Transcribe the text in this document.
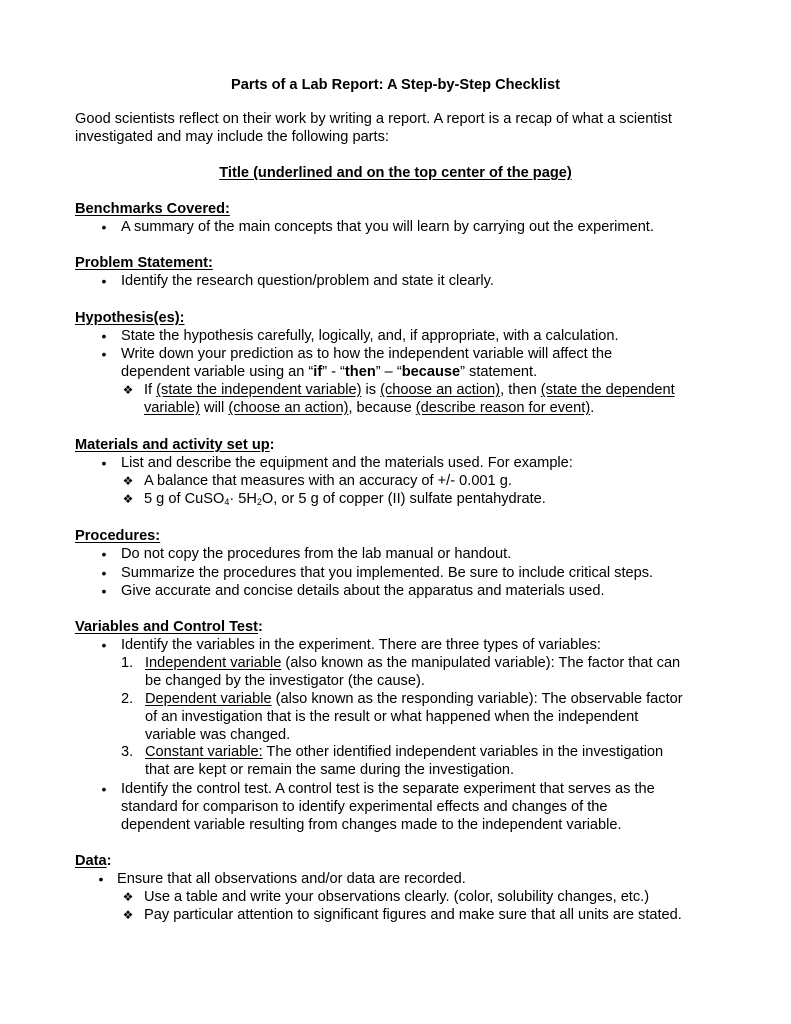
Parts of a Lab Report: A Step-by-Step Checklist
Good scientists reflect on their work by writing a report. A report is a recap of what a scientist
investigated and may include the following parts:
Title (underlined and on the top center of the page)
Benchmarks Covered:
• A summary of the main concepts that you will learn by carrying out the experiment.
Problem Statement:
• Identify the research question/problem and state it clearly.
Hypothesis(es):
• State the hypothesis carefully, logically, and, if appropriate, with a calculation.
• Write down your prediction as to how the independent variable will affect the
dependent variable using an “if” - “then” – “because” statement.
❖ If (state the independent variable) is (choose an action), then (state the dependent
variable) will (choose an action), because (describe reason for event).
Materials and activity set up:
• List and describe the equipment and the materials used. For example:
❖ A balance that measures with an accuracy of +/- 0.001 g.
❖ 5 g of CuSO$_4$· $5H_2O$, or 5 g of copper (II) sulfate pentahydrate.
Procedures:
• Do not copy the procedures from the lab manual or handout.
• Summarize the procedures that you implemented. Be sure to include critical steps.
• Give accurate and concise details about the apparatus and materials used.
Variables and Control Test:
• Identify the variables in the experiment. There are three types of variables:
1. Independent variable (also known as the manipulated variable): The factor that can
be changed by the investigator (the cause).
2. Dependent variable (also known as the responding variable): The observable factor
of an investigation that is the result or what happened when the independent
variable was changed.
3. Constant variable: The other identified independent variables in the investigation
that are kept or remain the same during the investigation.
• Identify the control test. A control test is the separate experiment that serves as the
standard for comparison to identify experimental effects and changes of the
dependent variable resulting from changes made to the independent variable.
Data:
• Ensure that all observations and/or data are recorded.
❖ Use a table and write your observations clearly. (color, solubility changes, etc.)
❖ Pay particular attention to significant figures and make sure that all units are stated.
